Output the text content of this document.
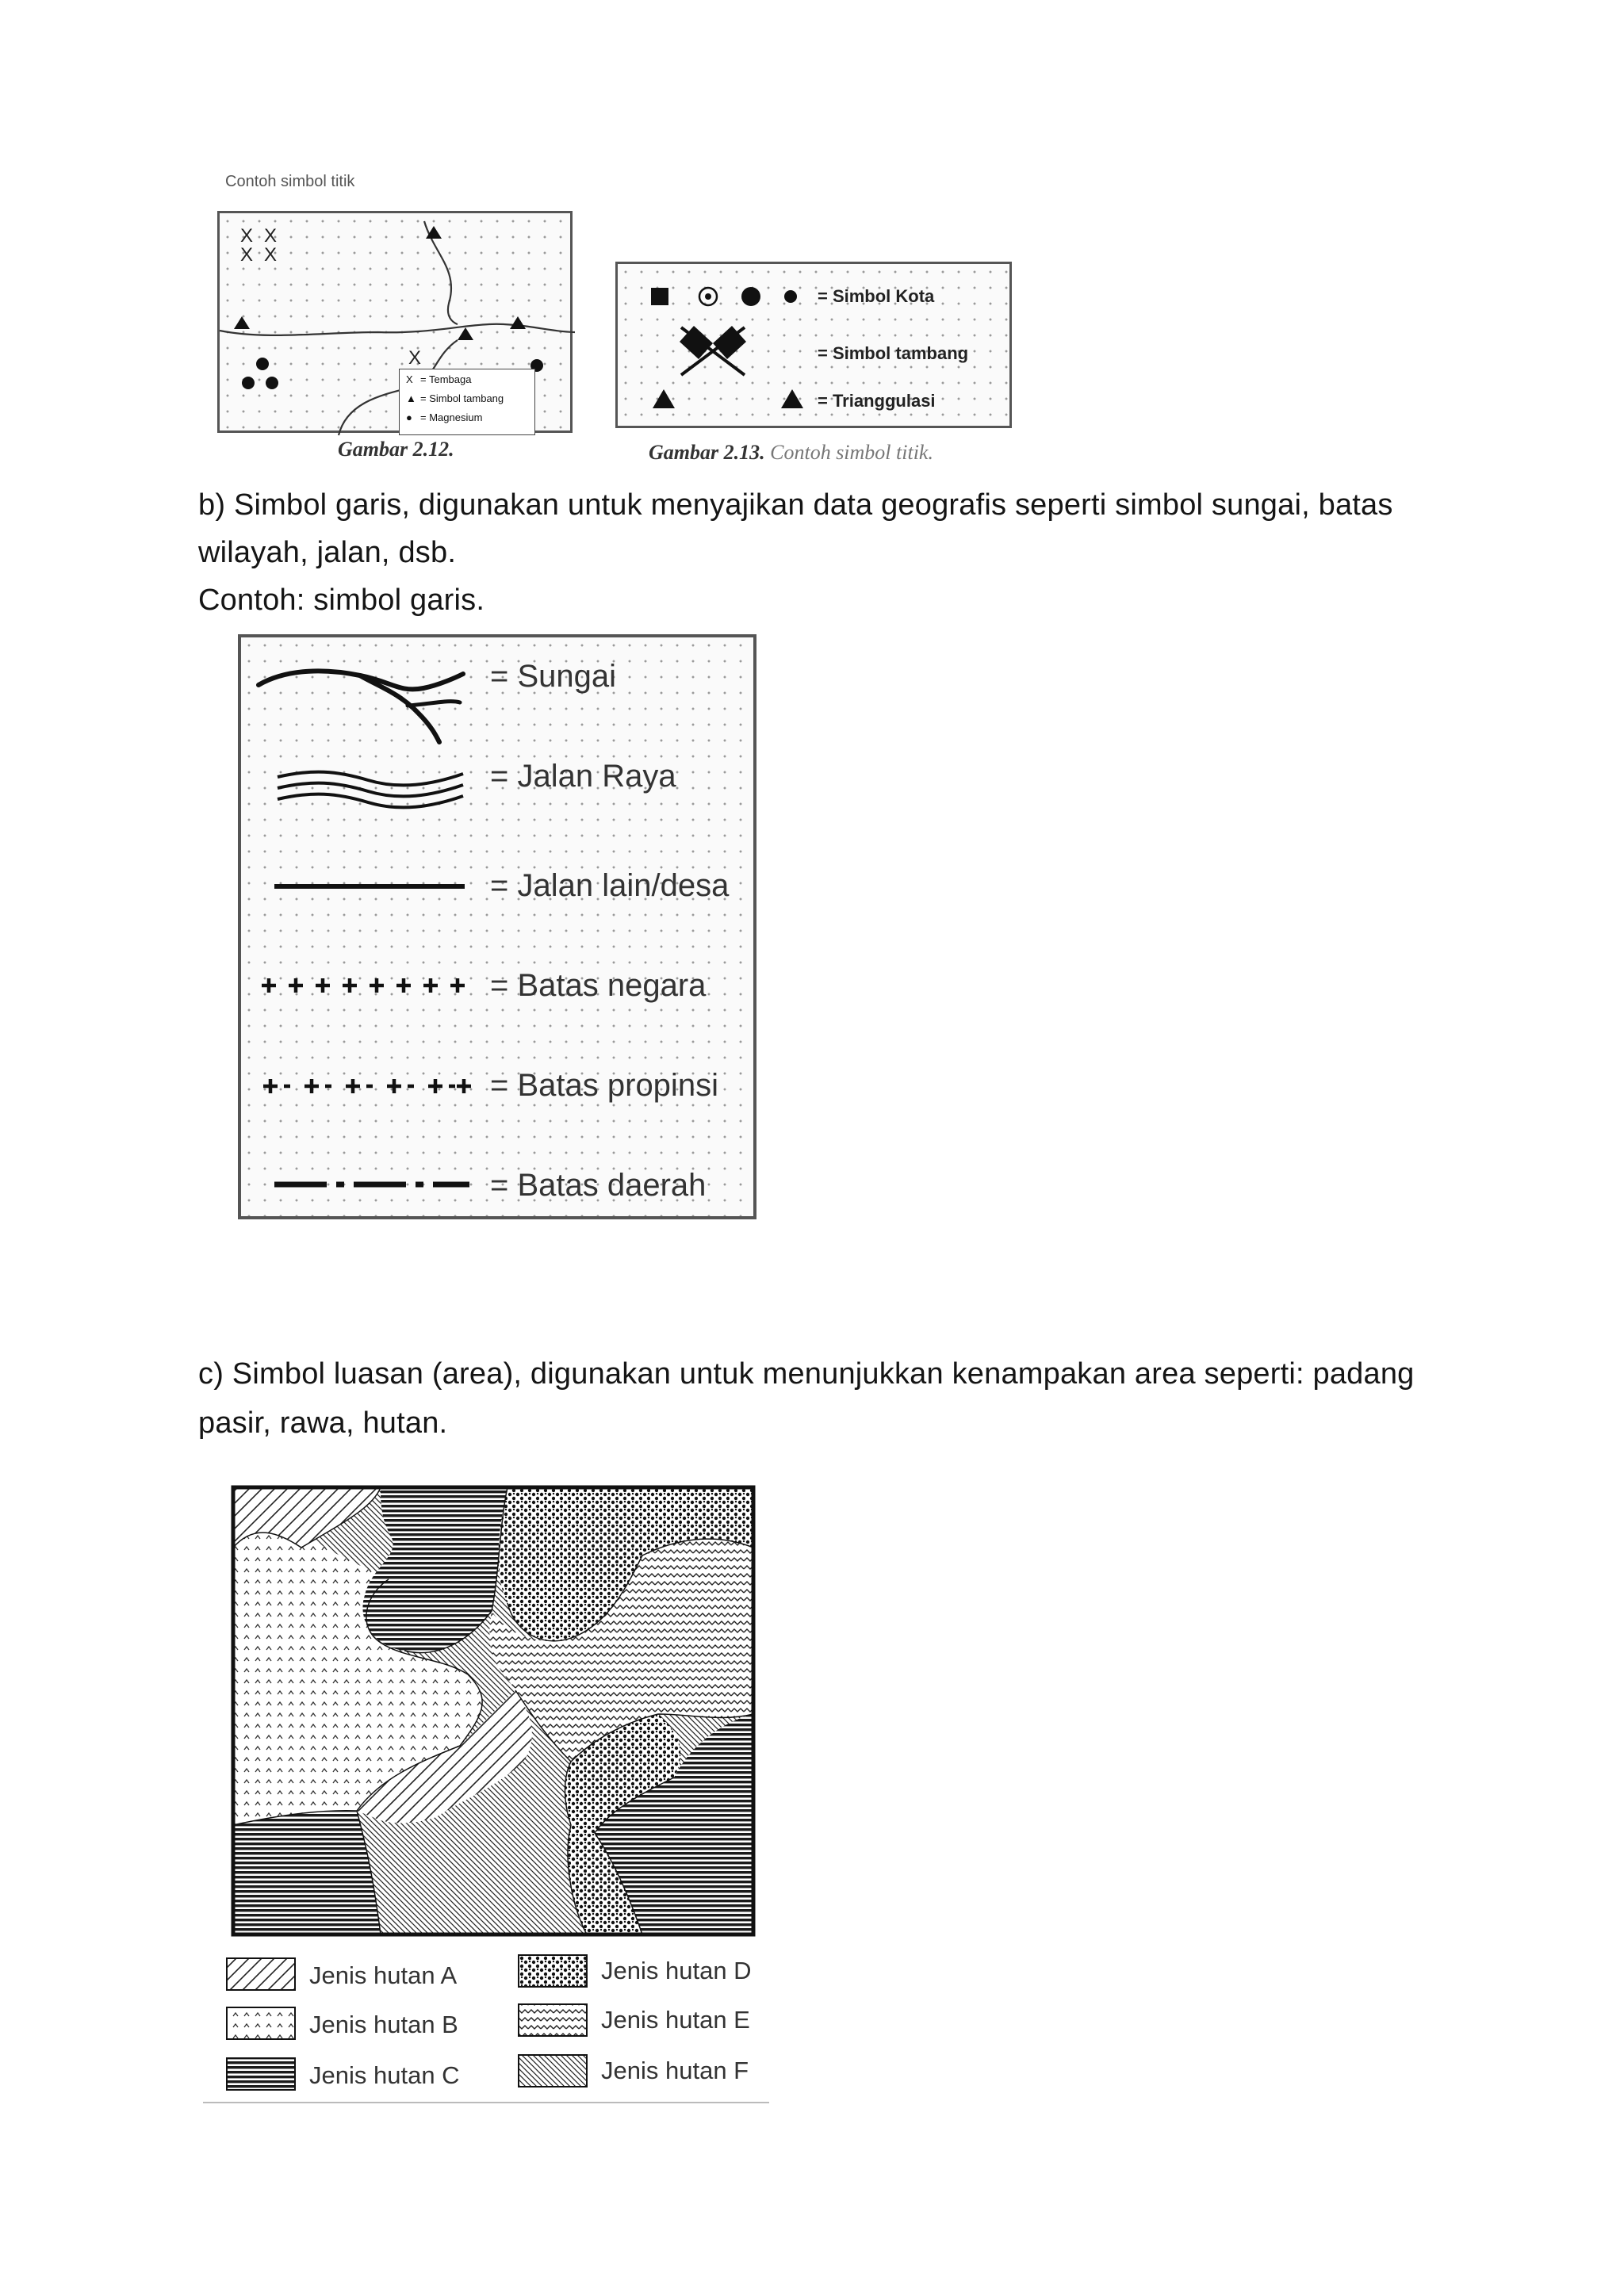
Contoh simbol titik
X X
X X
X
X = Tembaga
▲ = Simbol tambang
● = Magnesium
Gambar 2.12.
= Simbol Kota
= Simbol tambang
= Trianggulasi
Gambar 2.13. Contoh simbol titik.
b) Simbol garis, digunakan untuk menyajikan data geografis seperti simbol sungai, batas
wilayah, jalan, dsb.
Contoh: simbol garis.
= Sungai
= Jalan Raya
= Jalan lain/desa
= Batas negara
= Batas propinsi
= Batas daerah
c) Simbol luasan (area), digunakan untuk menunjukkan kenampakan area seperti: padang
pasir, rawa, hutan.
Jenis hutan A
Jenis hutan B
Jenis hutan C
Jenis hutan D
Jenis hutan E
Jenis hutan F
